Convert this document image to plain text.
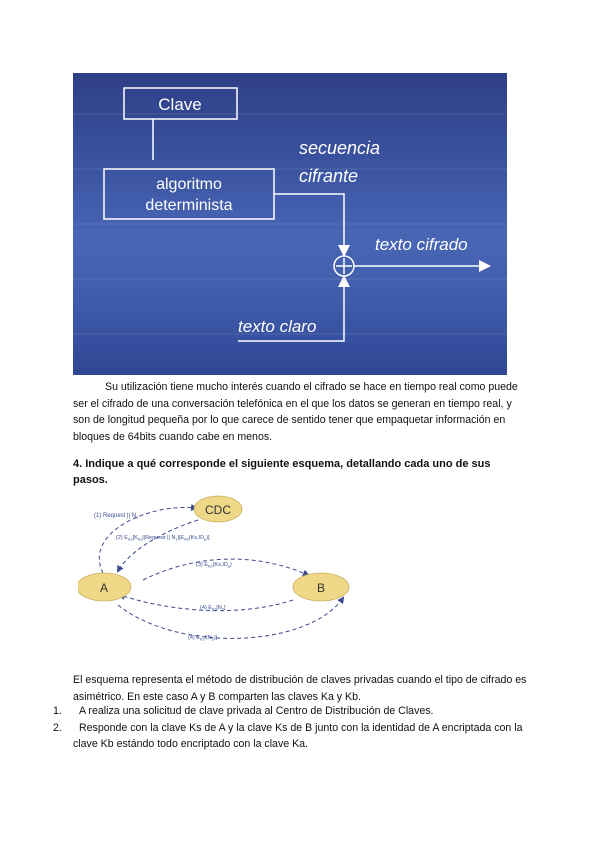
Clave
algoritmo
determinista
secuencia
cifrante
texto cifrado
texto claro
Su utilización tiene mucho interés cuando el cifrado se hace en tiempo real como puede ser el cifrado de una conversación telefónica en el que los datos se generan en tiempo real, y son de longitud pequeña por lo que carece de sentido tener que empaquetar información en bloques de 64bits cuando cabe en menos.
4. Indique a qué corresponde el siguiente esquema, detallando cada uno de sus pasos.
CDC
A	B
(1) Request || $N_1$
(2) $E_{Ka}[K_{Ks}||Request$ || $N_1||E_{Kb}(Ks,ID_a)$]
(3) $E_{Kb}(Ks,ID_a)$
(4) $E_{Ks}[N_2]$
(4) $E_{Ks}f(N_2)$]
El esquema representa el método de distribución de claves privadas cuando el tipo de cifrado es asimétrico. En este caso A y B comparten las claves Ka y Kb.
1. A realiza una solicitud de clave privada al Centro de Distribución de Claves.
2. Responde con la clave Ks de A y la clave Ks de B junto con la identidad de A encriptada con la clave Kb estándo todo encriptado con la clave Ka.
